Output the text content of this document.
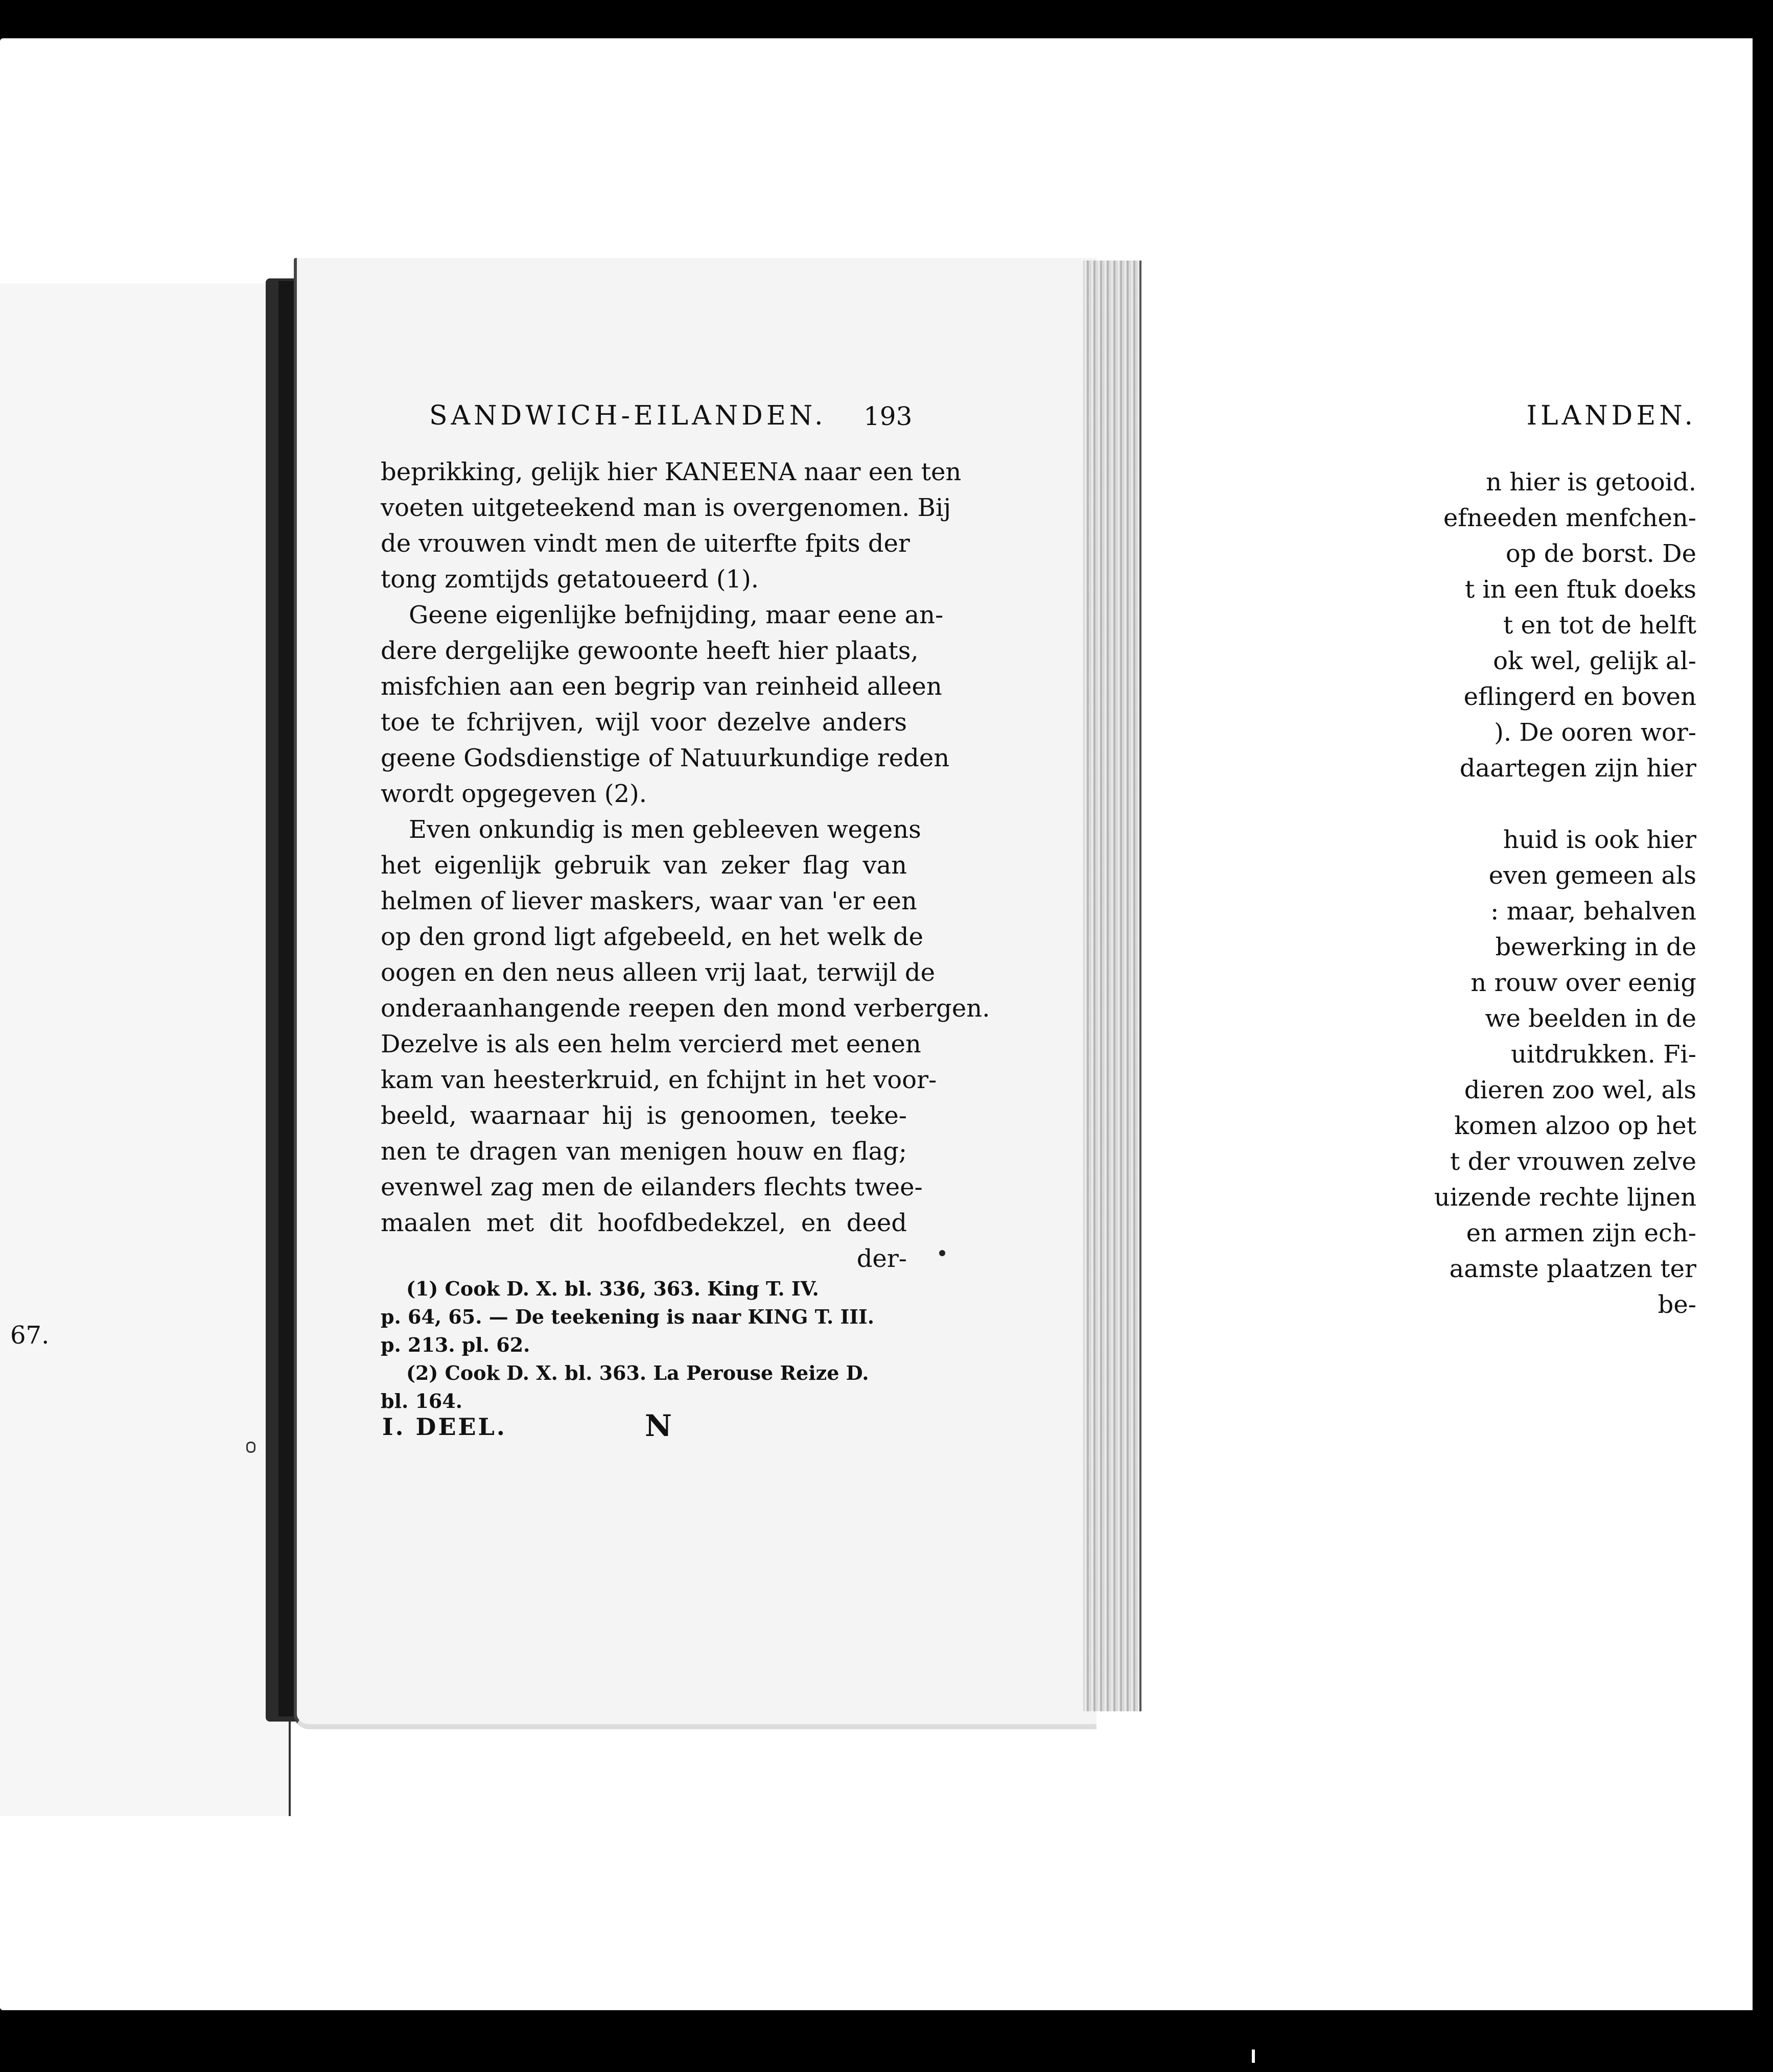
ILANDEN.
n hier is getooid.
efneeden menfchen-
op de borst. De
t in een ftuk doeks
t en tot de helft
ok wel, gelijk al-
eflingerd en boven
). De ooren wor-
daartegen zijn hier
huid is ook hier
even gemeen als
: maar, behalven
bewerking in de
n rouw over eenig
we beelden in de
uitdrukken. Fi-
dieren zoo wel, als
komen alzoo op het
t der vrouwen zelve
uizende rechte lijnen
en armen zijn ech-
aamste plaatzen ter
be-
67.
SANDWICH-EILANDEN. 193
beprikking, gelijk hier KANEENA naar een ten
voeten uitgeteekend man is overgenomen. Bij
de vrouwen vindt men de uiterfte fpits der
tong zomtijds getatoueerd (1).
Geene eigenlijke befnijding, maar eene an-
dere dergelijke gewoonte heeft hier plaats,
misfchien aan een begrip van reinheid alleen
toe te fchrijven, wijl voor dezelve anders
geene Godsdienstige of Natuurkundige reden
wordt opgegeven (2).
Even onkundig is men gebleeven wegens
het eigenlijk gebruik van zeker flag van
helmen of liever maskers, waar van 'er een
op den grond ligt afgebeeld, en het welk de
oogen en den neus alleen vrij laat, terwijl de
onderaanhangende reepen den mond verbergen.
Dezelve is als een helm vercierd met eenen
kam van heesterkruid, en fchijnt in het voor-
beeld, waarnaar hij is genoomen, teeke-
nen te dragen van menigen houw en flag;
evenwel zag men de eilanders flechts twee-
maalen met dit hoofdbedekzel, en deed
der-
(1) Cook D. X. bl. 336, 363. King T. IV.
p. 64, 65. — De teekening is naar KING T. III.
p. 213. pl. 62.
(2) Cook D. X. bl. 363. La Perouse Reize D.
bl. 164.
I. DEEL.	N
